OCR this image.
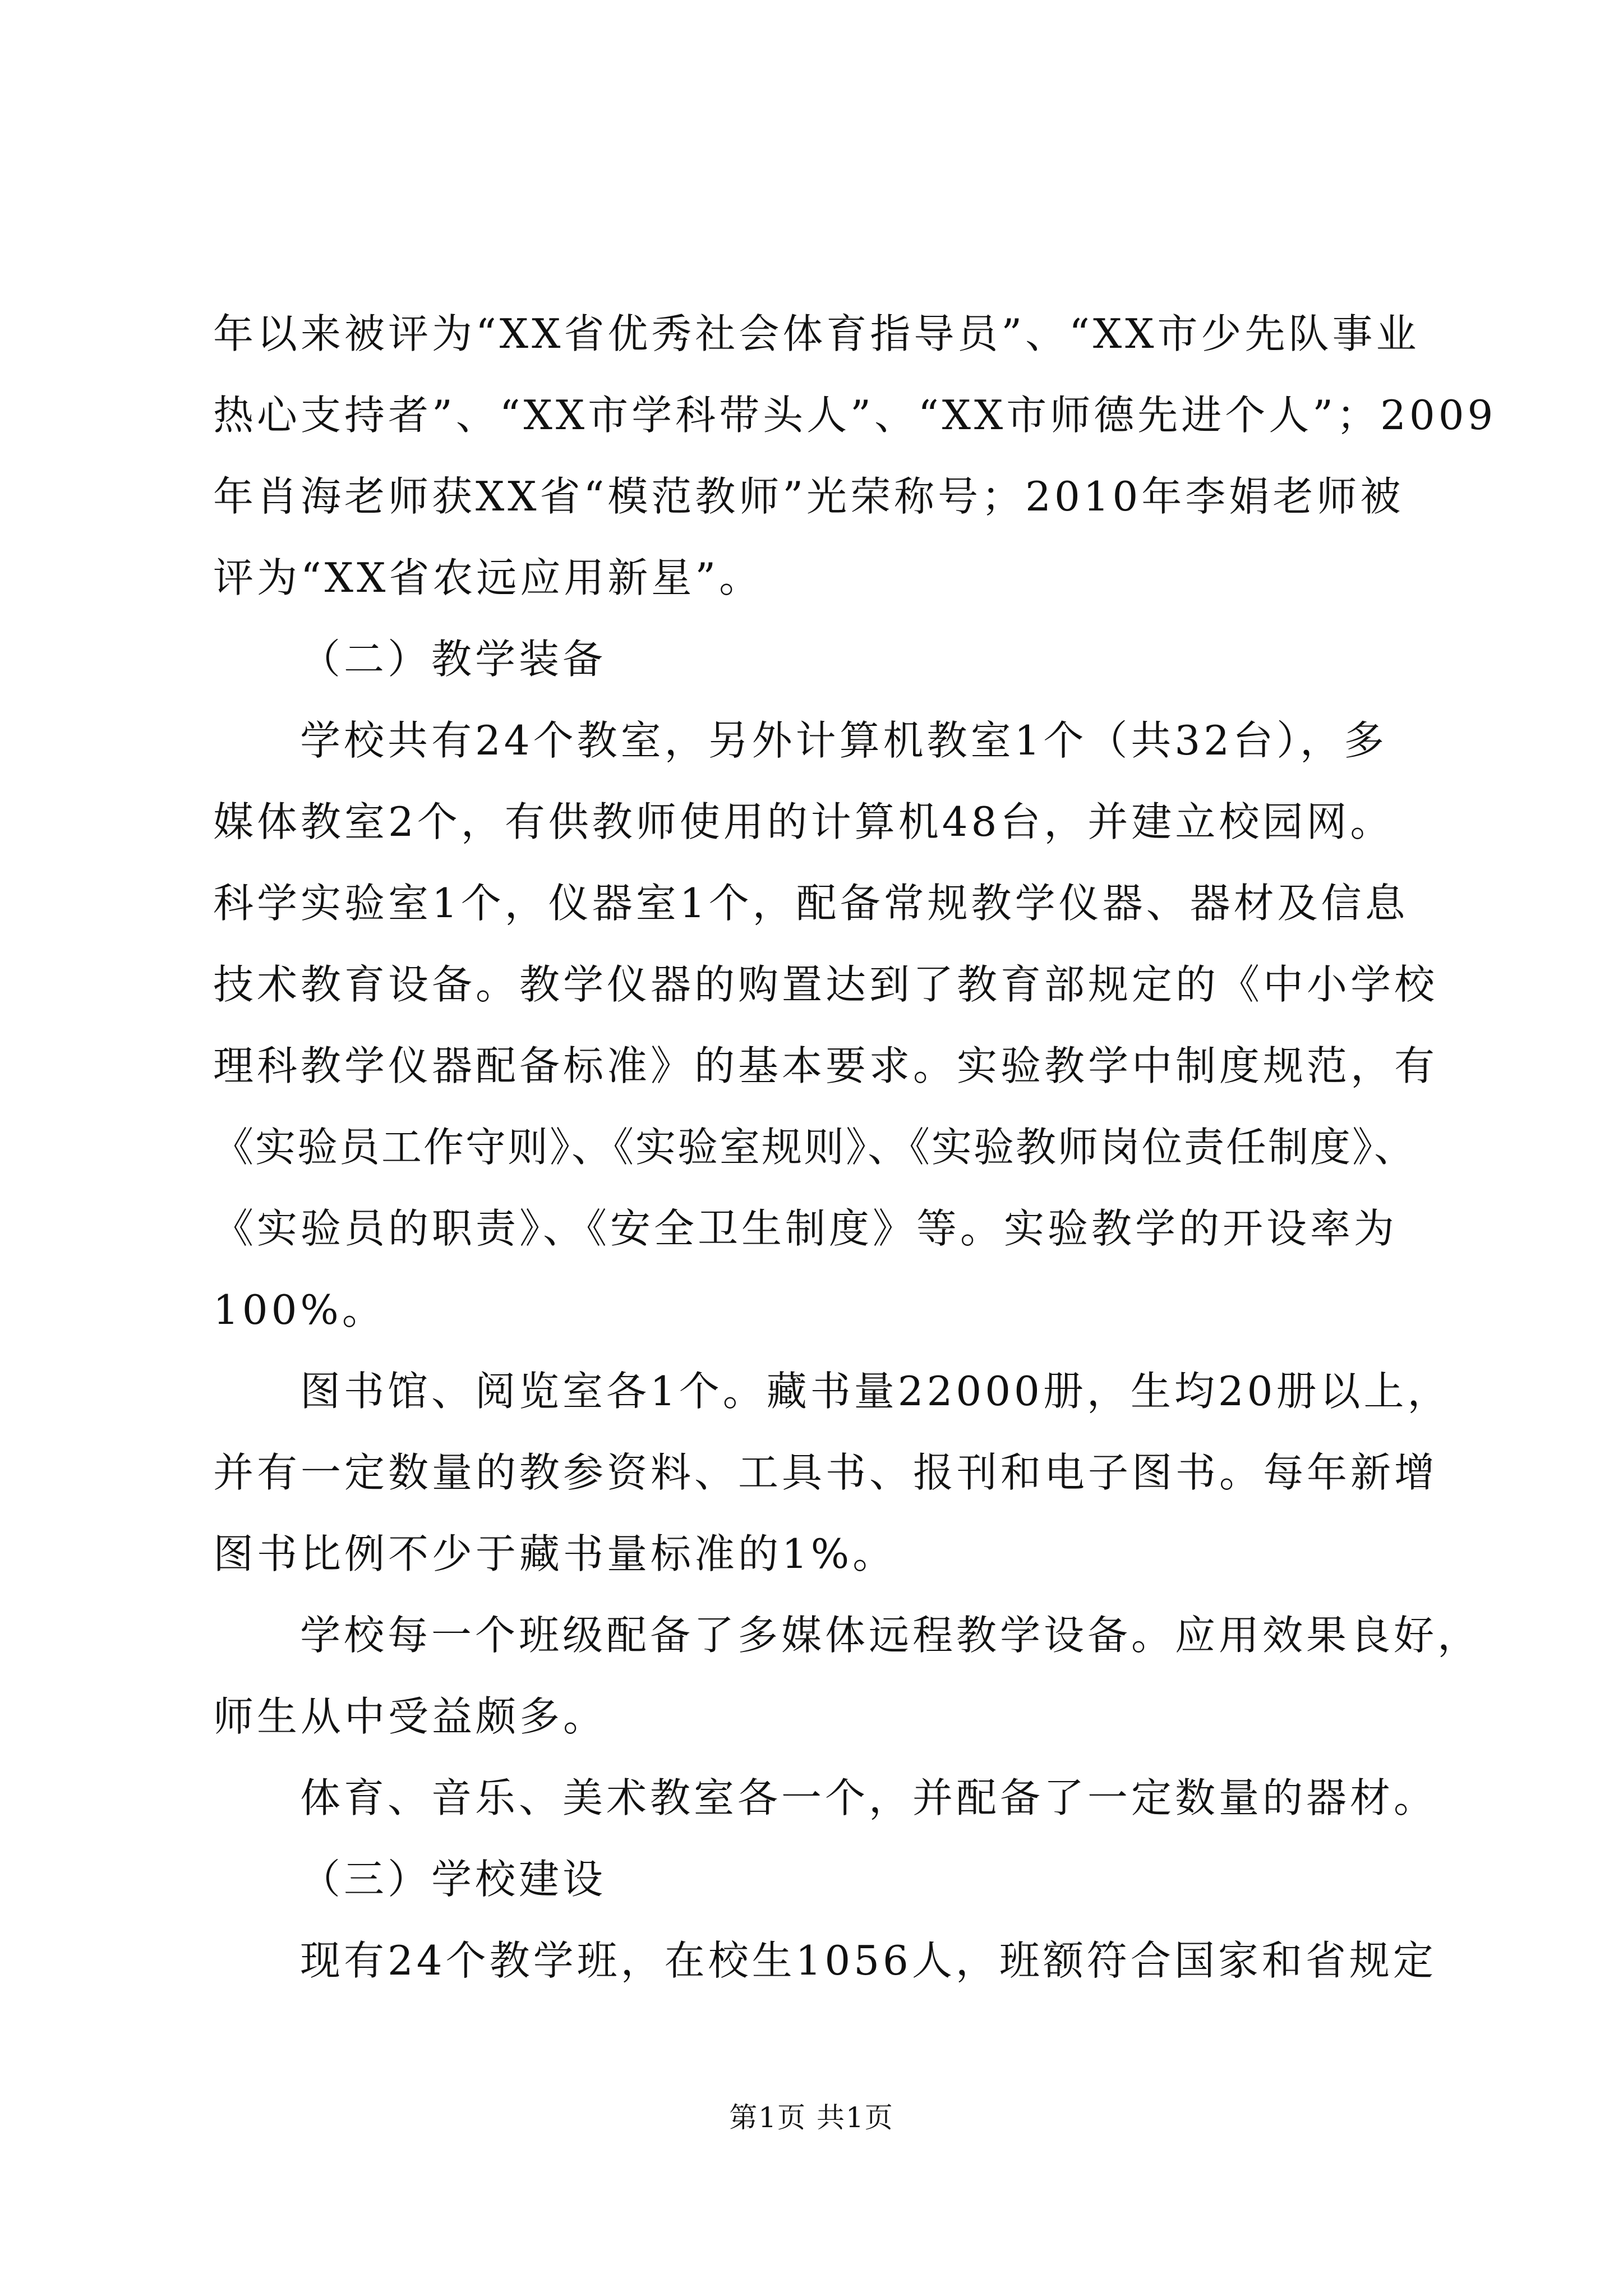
年以来被评为“XX省优秀社会体育指导员”、“XX市少先队事业
热心支持者”、“XX市学科带头人”、“XX市师德先进个人”；2009
年肖海老师获XX省“模范教师”光荣称号；2010年李娟老师被
评为“XX省农远应用新星”。
（二）教学装备
学校共有24个教室，另外计算机教室1个（共32台），多
媒体教室2个，有供教师使用的计算机48台，并建立校园网。
科学实验室1个，仪器室1个，配备常规教学仪器、器材及信息
技术教育设备。教学仪器的购置达到了教育部规定的《中小学校
理科教学仪器配备标准》的基本要求。实验教学中制度规范，有
《实验员工作守则》、《实验室规则》、《实验教师岗位责任制度》、
《实验员的职责》、《安全卫生制度》等。实验教学的开设率为
100%。
图书馆、阅览室各1个。藏书量22000册，生均20册以上，
并有一定数量的教参资料、工具书、报刊和电子图书。每年新增
图书比例不少于藏书量标准的1%。
学校每一个班级配备了多媒体远程教学设备。应用效果良好，
师生从中受益颇多。
体育、音乐、美术教室各一个，并配备了一定数量的器材。
（三）学校建设
现有24个教学班，在校生1056人，班额符合国家和省规定
第1页 共1页
